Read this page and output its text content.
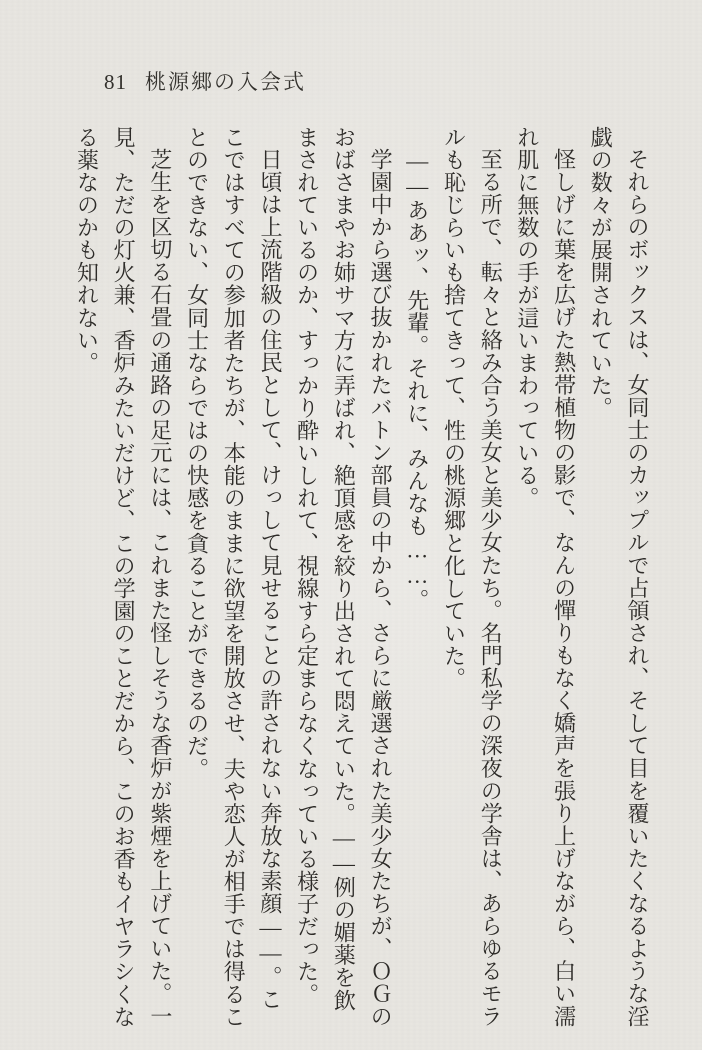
81 桃源郷の入会式

それらのボックスは、女同士のカップルで占領され、そして目を覆いたくなるような淫戯の数々が展開されていた。

怪しげに葉を広げた熱帯植物の影で、なんの憚りもなく嬌声を張り上げながら、白い濡れ肌に無数の手が這いまわっている。

至る所で、転々と絡み合う美女と美少女たち。名門私学の深夜の学舎は、あらゆるモラルも恥じらいも捨てきって、性の桃源郷と化していた。

――ああッ、先輩。それに、みんなも……。

学園中から選び抜かれたバトン部員の中から、さらに厳選された美少女たちが、ＯＧのおばさまやお姉サマ方に弄ばれ、絶頂感を絞り出されて悶えていた。――例の媚薬を飲まされているのか、すっかり酔いしれて、視線すら定まらなくなっている様子だった。

日頃は上流階級の住民として、けっして見せることの許されない奔放な素顔――。ここではすべての参加者たちが、本能のままに欲望を開放させ、夫や恋人が相手では得ることのできない、女同士ならではの快感を貪ることができるのだ。

芝生を区切る石畳の通路の足元には、これまた怪しそうな香炉が紫煙を上げていた。一見、ただの灯火兼、香炉みたいだけど、この学園のことだから、このお香もイヤラシくなる薬なのかも知れない。
